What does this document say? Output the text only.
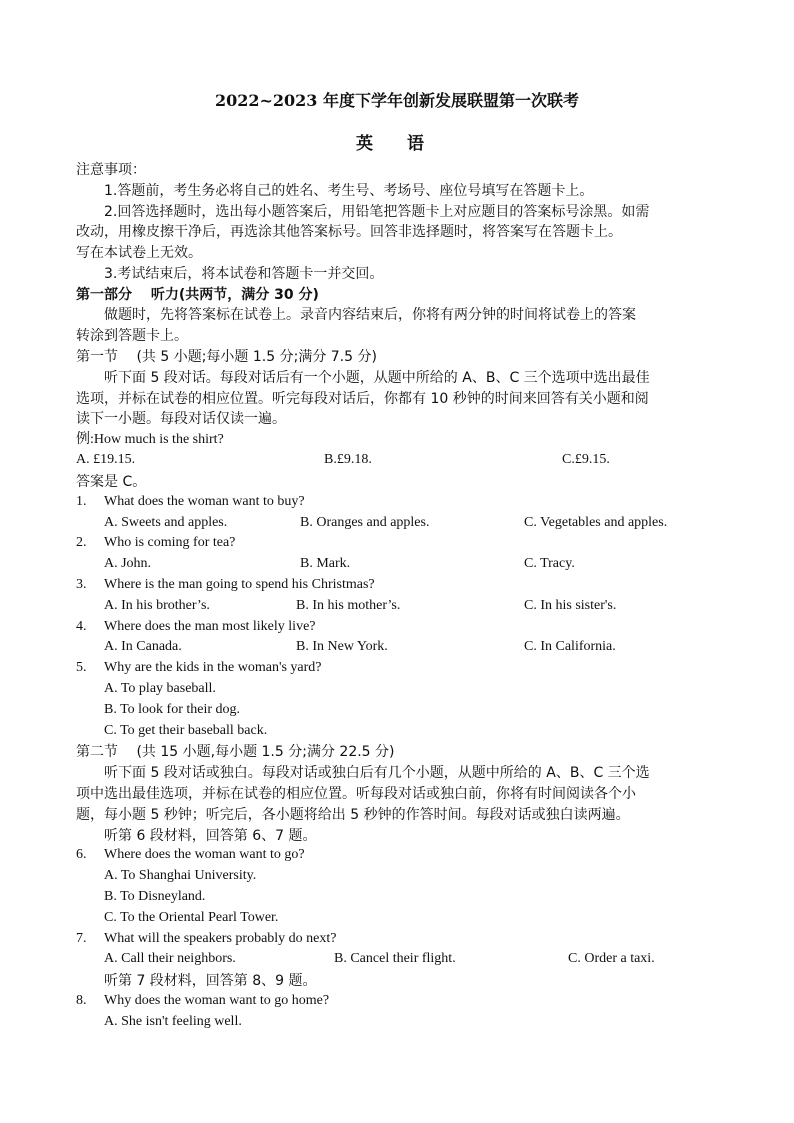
2022~2023 年度下学年创新发展联盟第一次联考
英 语
注意事项：
1.答题前，考生务必将自己的姓名、考生号、考场号、座位号填写在答题卡上。
2.回答选择题时，选出每小题答案后，用铅笔把答题卡上对应题目的答案标号涂黑。如需
改动，用橡皮擦干净后，再选涂其他答案标号。回答非选择题时，将答案写在答题卡上。
写在本试卷上无效。
3.考试结束后，将本试卷和答题卡一并交回。
第一部分　 听力(共两节，满分 30 分)
做题时，先将答案标在试卷上。录音内容结束后，你将有两分钟的时间将试卷上的答案
转涂到答题卡上。
第一节　 (共 5 小题;每小题 1.5 分;满分 7.5 分)
听下面 5 段对话。每段对话后有一个小题，从题中所给的 A、B、C 三个选项中选出最佳
选项，并标在试卷的相应位置。听完每段对话后，你都有 10 秒钟的时间来回答有关小题和阅
读下一小题。每段对话仅读一遍。
例:How much is the shirt?
A. £19.15.	B.£9.18.	C.£9.15.
答案是 C。
1. What does the woman want to buy?
A. Sweets and apples.	B. Oranges and apples.	C. Vegetables and apples.
2. Who is coming for tea?
A. John.	B. Mark.	C. Tracy.
3. Where is the man going to spend his Christmas?
A. In his brother’s.	B. In his mother’s.	C. In his sister's.
4. Where does the man most likely live?
A. In Canada.	B. In New York.	C. In California.
5. Why are the kids in the woman's yard?
A. To play baseball.
B. To look for their dog.
C. To get their baseball back.
第二节　 (共 15 小题,每小题 1.5 分;满分 22.5 分)
听下面 5 段对话或独白。每段对话或独白后有几个小题，从题中所给的 A、B、C 三个选
项中选出最佳选项，并标在试卷的相应位置。听每段对话或独白前，你将有时间阅读各个小
题，每小题 5 秒钟；听完后，各小题将给出 5 秒钟的作答时间。每段对话或独白读两遍。
听第 6 段材料，回答第 6、7 题。
6. Where does the woman want to go?
A. To Shanghai University.
B. To Disneyland.
C. To the Oriental Pearl Tower.
7. What will the speakers probably do next?
A. Call their neighbors.	B. Cancel their flight.	C. Order a taxi.
听第 7 段材料，回答第 8、9 题。
8. Why does the woman want to go home?
A. She isn't feeling well.
